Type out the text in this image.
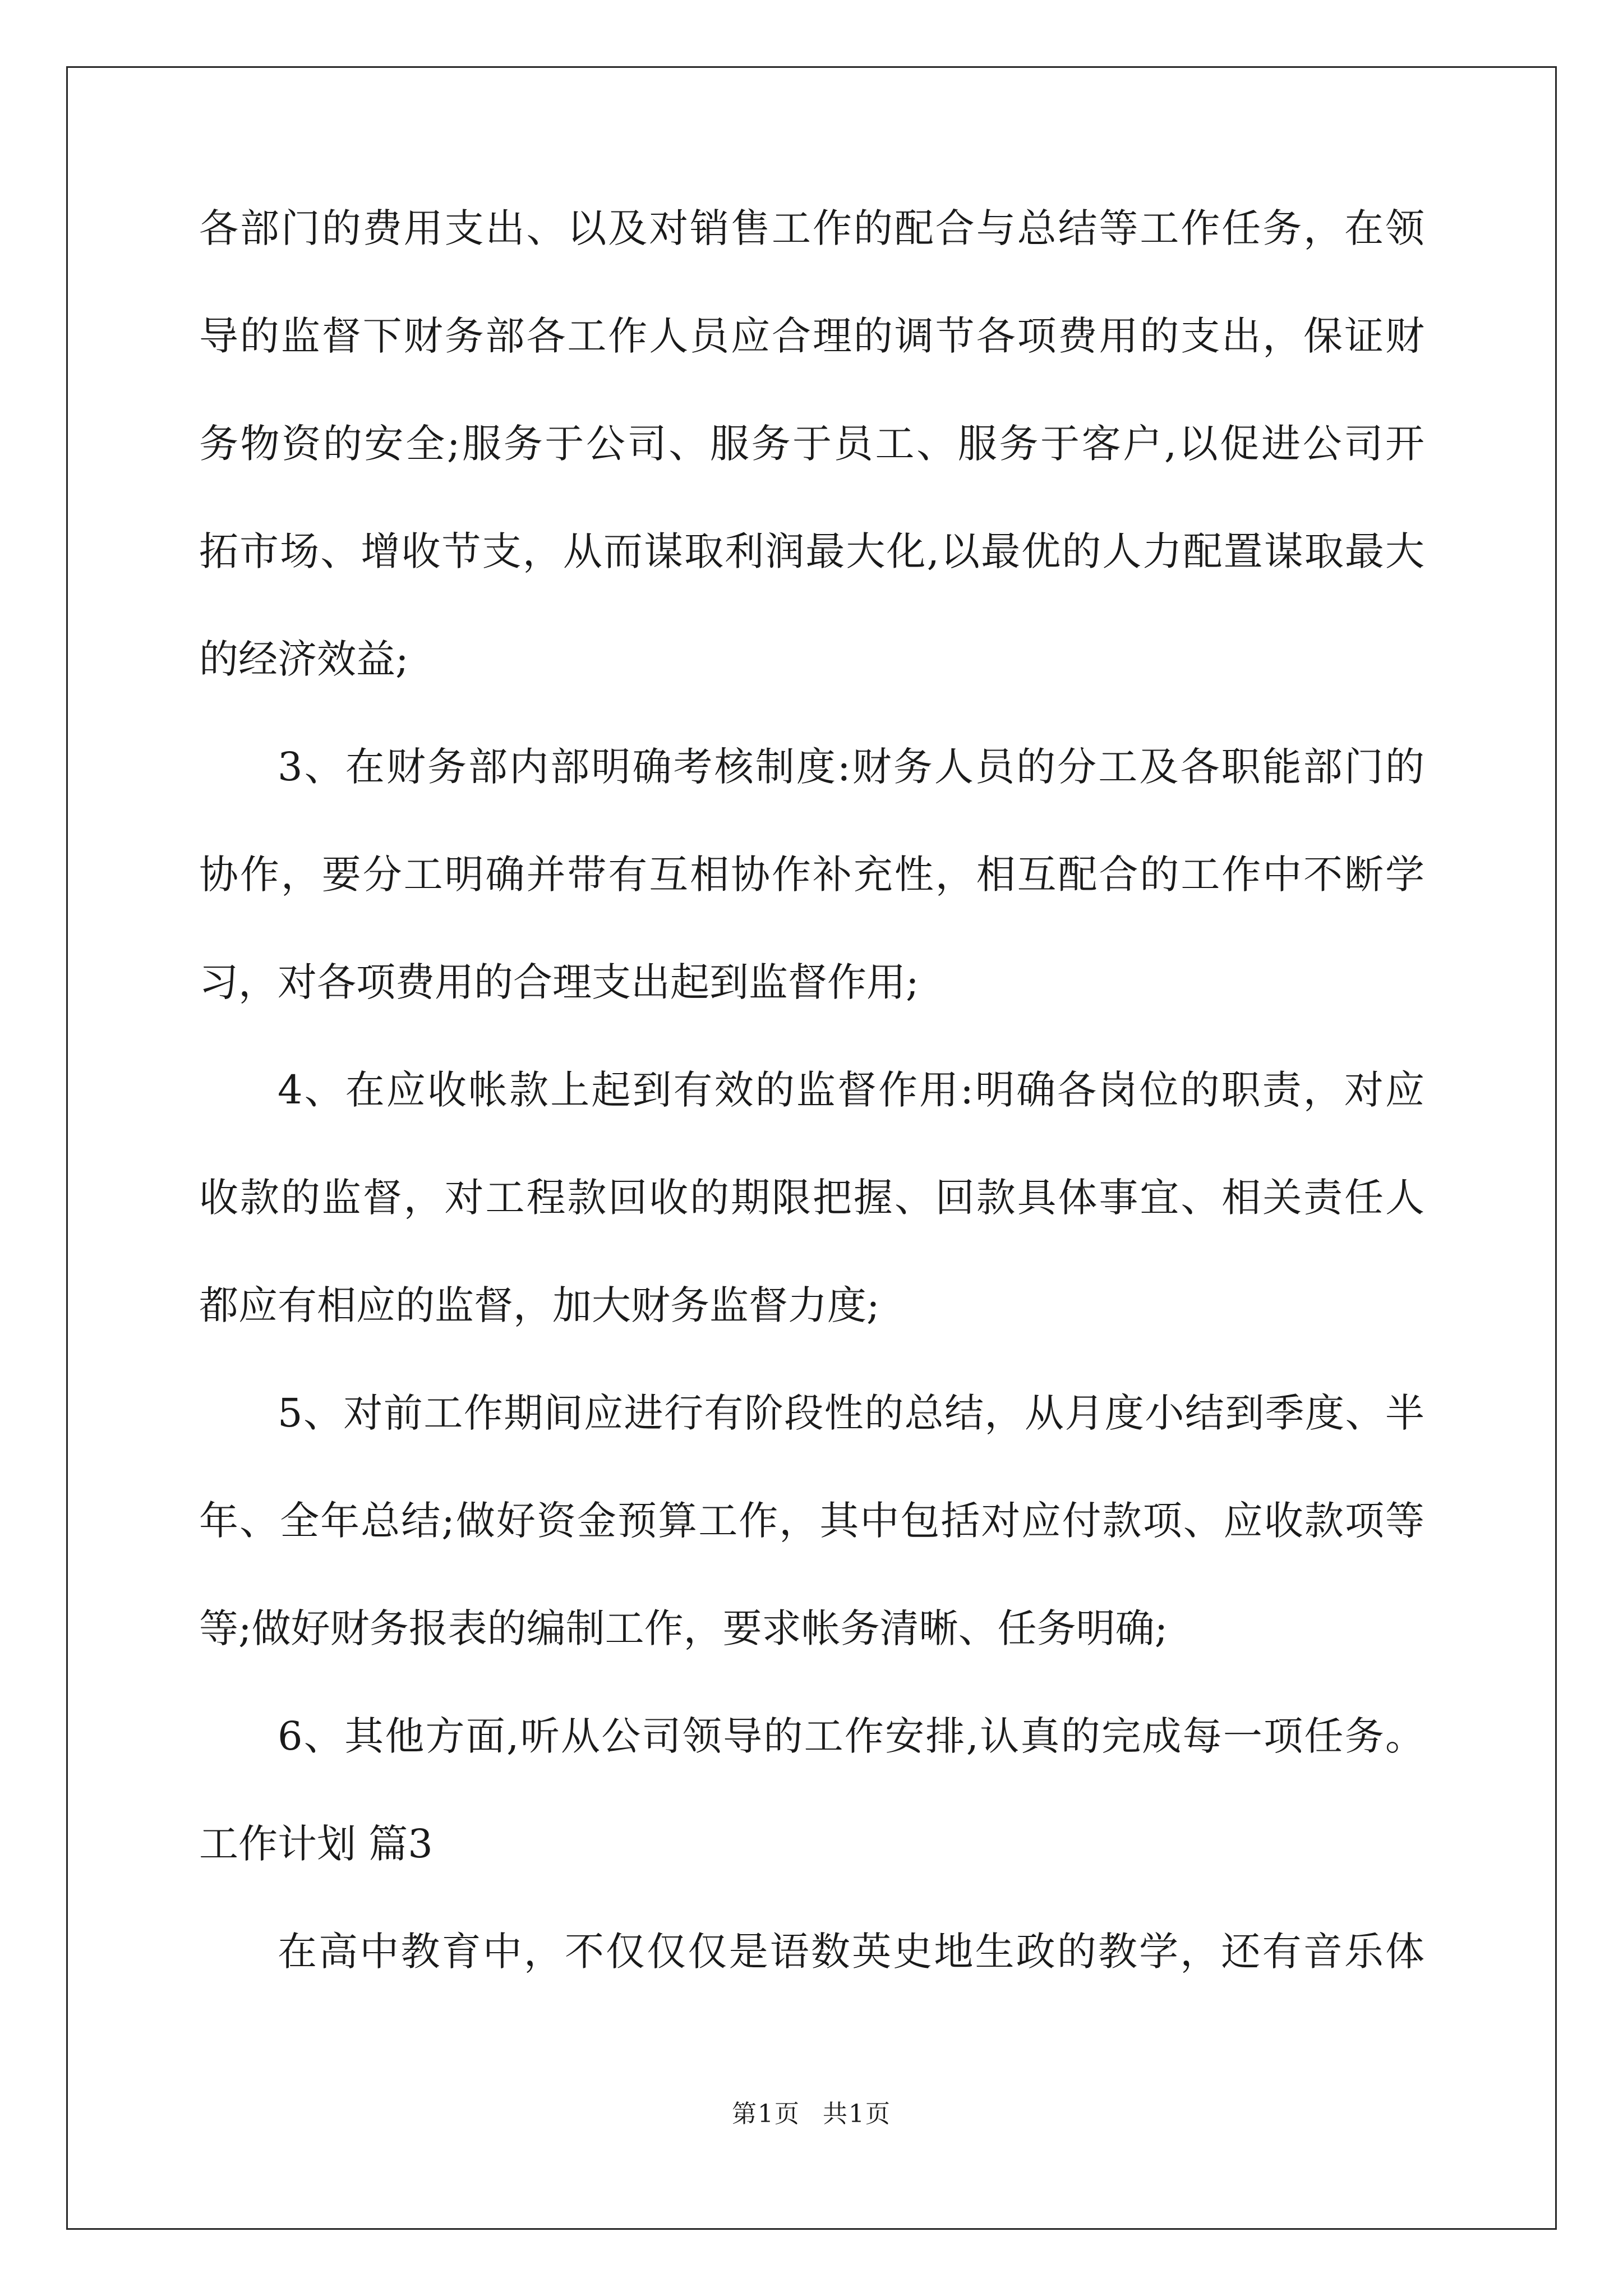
各部门的费用支出、以及对销售工作的配合与总结等工作任务，在领
导的监督下财务部各工作人员应合理的调节各项费用的支出，保证财
务物资的安全;服务于公司、服务于员工、服务于客户,以促进公司开
拓市场、增收节支，从而谋取利润最大化,以最优的人力配置谋取最大
的经济效益;
3、在财务部内部明确考核制度:财务人员的分工及各职能部门的
协作，要分工明确并带有互相协作补充性，相互配合的工作中不断学
习，对各项费用的合理支出起到监督作用;
4、在应收帐款上起到有效的监督作用:明确各岗位的职责，对应
收款的监督，对工程款回收的期限把握、回款具体事宜、相关责任人
都应有相应的监督，加大财务监督力度;
5、对前工作期间应进行有阶段性的总结，从月度小结到季度、半
年、全年总结;做好资金预算工作，其中包括对应付款项、应收款项等
等;做好财务报表的编制工作，要求帐务清晰、任务明确;
6、其他方面,听从公司领导的工作安排,认真的完成每一项任务。
工作计划 篇3
在高中教育中，不仅仅仅是语数英史地生政的教学，还有音乐体
第1页 共1页
